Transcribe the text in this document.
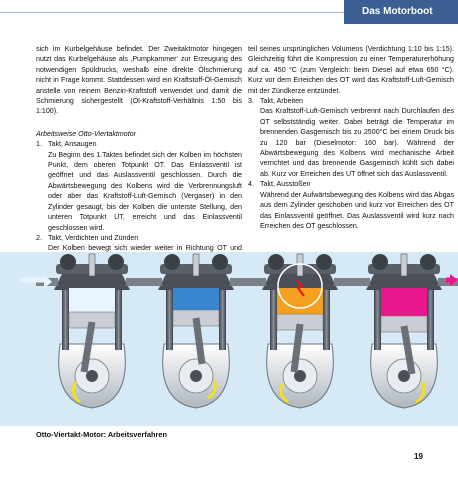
Das Motorboot

sich im Kurbelgehäuse befindet. Der Zweitaktmotor hingegen nutzt das Kurbelgehäuse als ‚Pumpkammer‘ zur Erzeugung des notwendigen Spüldrucks, weshalb eine direkte Ölschmierung nicht in Frage kommt. Stattdessen wird ein Kraftstoff-Öl-Gemisch anstelle von reinem Benzin-Kraftstoff verwendet und damit die Schmierung sichergestellt (Öl-Kraftstoff-Verhältnis 1:50 bis 1:100).

Arbeitsweise Otto-Viertaktmotor

1. Takt, Ansaugen
Zu Beginn des 1.Taktes befindet sich der Kolben im höchsten Punkt, dem oberen Totpunkt OT. Das Einlassventil ist geöffnet und das Auslassventil geschlossen. Durch die Abwärtsbewegung des Kolbens wird die Verbrennungsluft oder aber das Kraftstoff-Luft-Gemisch (Vergaser) in den Zylinder gesaugt, bis der Kolben die unterste Stellung, den unteren Totpunkt UT, erreicht und das Einlassventil geschlossen wird.
2. Takt, Verdichten und Zünden
Der Kolben bewegt sich wieder weiter in Richtung OT und

teil seines ursprünglichen Volumens (Verdichtung 1:10 bis 1:15). Gleichzeitig führt die Kompression zu einer Temperaturerhöhung auf ca. 450 °C (zum Vergleich: beim Diesel auf etwa 650 °C). Kurz vor dem Erreichen des OT wird das Kraftstoff-Luft-Gemisch mit der Zündkerze entzündet.

3. Takt, Arbeiten
Das Kraftstoff-Luft-Gemisch verbrennt nach Durchlaufen des OT selbstständig weiter. Dabei beträgt die Temperatur im brennenden Gasgemisch bis zu 2500°C bei einem Druck bis zu 120 bar (Dieselmotor: 160 bar). Während der Abwärtsbewegung des Kolbens wird mechanische Arbeit verrichtet und das brennende Gasgemisch kühlt sich dabei ab. Kurz vor Erreichen des UT öffnet sich das Auslassventil.
4. Takt, Ausstoßen
Während der Aufwärtsbewegung des Kolbens wird das Abgas aus dem Zylinder geschoben und kurz vor Erreichen des OT das Einlassventil geöffnet. Das Auslassventil wird kurz nach Erreichen des OT geschlossen.
Otto-Viertakt-Motor: Arbeitsverfahren
19
